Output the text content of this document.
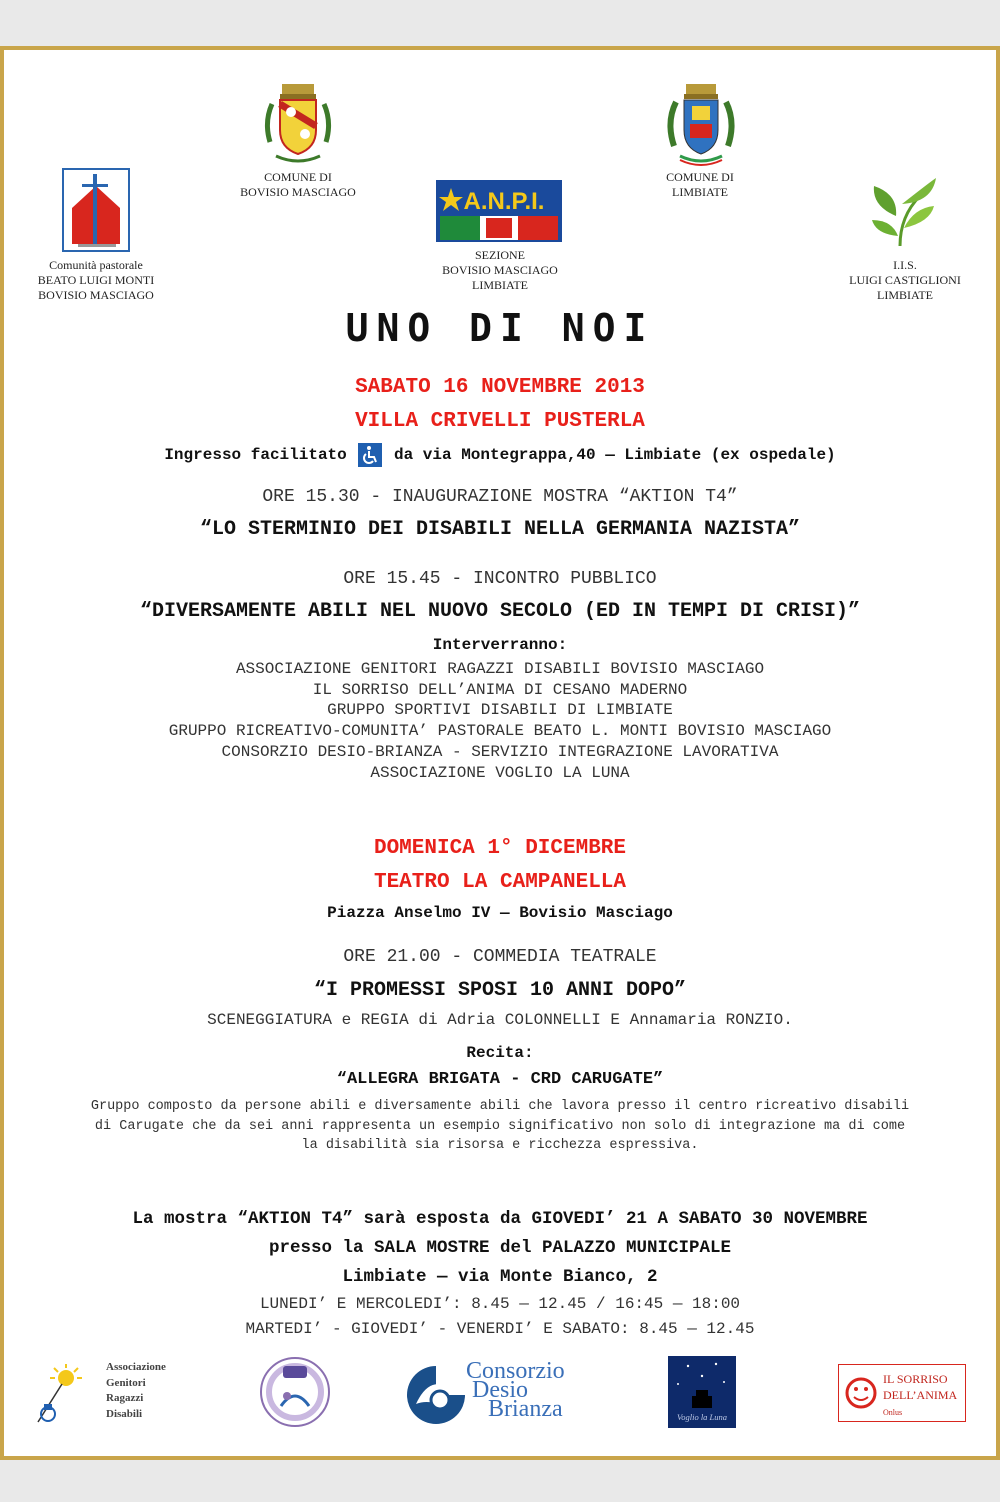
Comunità pastorale
BEATO LUIGI MONTI
BOVISIO MASCIAGO
COMUNE DI
BOVISIO MASCIAGO	A.N.P.I.
SEZIONE
BOVISIO MASCIAGO
LIMBIATE
COMUNE DI
LIMBIATE
I.I.S.
LUIGI CASTIGLIONI
LIMBIATE
UNO DI NOI
SABATO 16 NOVEMBRE 2013
VILLA CRIVELLI PUSTERLA
Ingresso facilitato	da via Montegrappa,40 — Limbiate (ex ospedale)
ORE 15.30 - INAUGURAZIONE MOSTRA “AKTION T4”
“LO STERMINIO DEI DISABILI NELLA GERMANIA NAZISTA”
ORE 15.45 - INCONTRO PUBBLICO
“DIVERSAMENTE ABILI NEL NUOVO SECOLO (ED IN TEMPI DI CRISI)”
Interverranno:
ASSOCIAZIONE GENITORI RAGAZZI DISABILI BOVISIO MASCIAGO
IL SORRISO DELL’ANIMA DI CESANO MADERNO
GRUPPO SPORTIVI DISABILI DI LIMBIATE
GRUPPO RICREATIVO-COMUNITA’ PASTORALE BEATO L. MONTI BOVISIO MASCIAGO
CONSORZIO DESIO-BRIANZA - SERVIZIO INTEGRAZIONE LAVORATIVA
ASSOCIAZIONE VOGLIO LA LUNA
DOMENICA 1° DICEMBRE
TEATRO LA CAMPANELLA
Piazza Anselmo IV — Bovisio Masciago
ORE 21.00 - COMMEDIA TEATRALE
“I PROMESSI SPOSI 10 ANNI DOPO”
SCENEGGIATURA e REGIA di Adria COLONNELLI E Annamaria RONZIO.
Recita:
“ALLEGRA BRIGATA - CRD CARUGATE”
Gruppo composto da persone abili e diversamente abili che lavora presso il centro ricreativo disabili
di Carugate che da sei anni rappresenta un esempio significativo non solo di integrazione ma di come
la disabilità sia risorsa e ricchezza espressiva.
La mostra “AKTION T4” sarà esposta da GIOVEDI’ 21 A SABATO 30 NOVEMBRE
presso la SALA MOSTRE del PALAZZO MUNICIPALE
Limbiate — via Monte Bianco, 2
LUNEDI’ E MERCOLEDI’: 8.45 — 12.45 / 16:45 — 18:00
MARTEDI’ - GIOVEDI’ - VENERDI’ E SABATO: 8.45 — 12.45
Associazione
Genitori
Ragazzi
Disabili
Consorzio
Desio
Brianza	Voglio la Luna
IL SORRISO
DELL’ANIMA Onlus
